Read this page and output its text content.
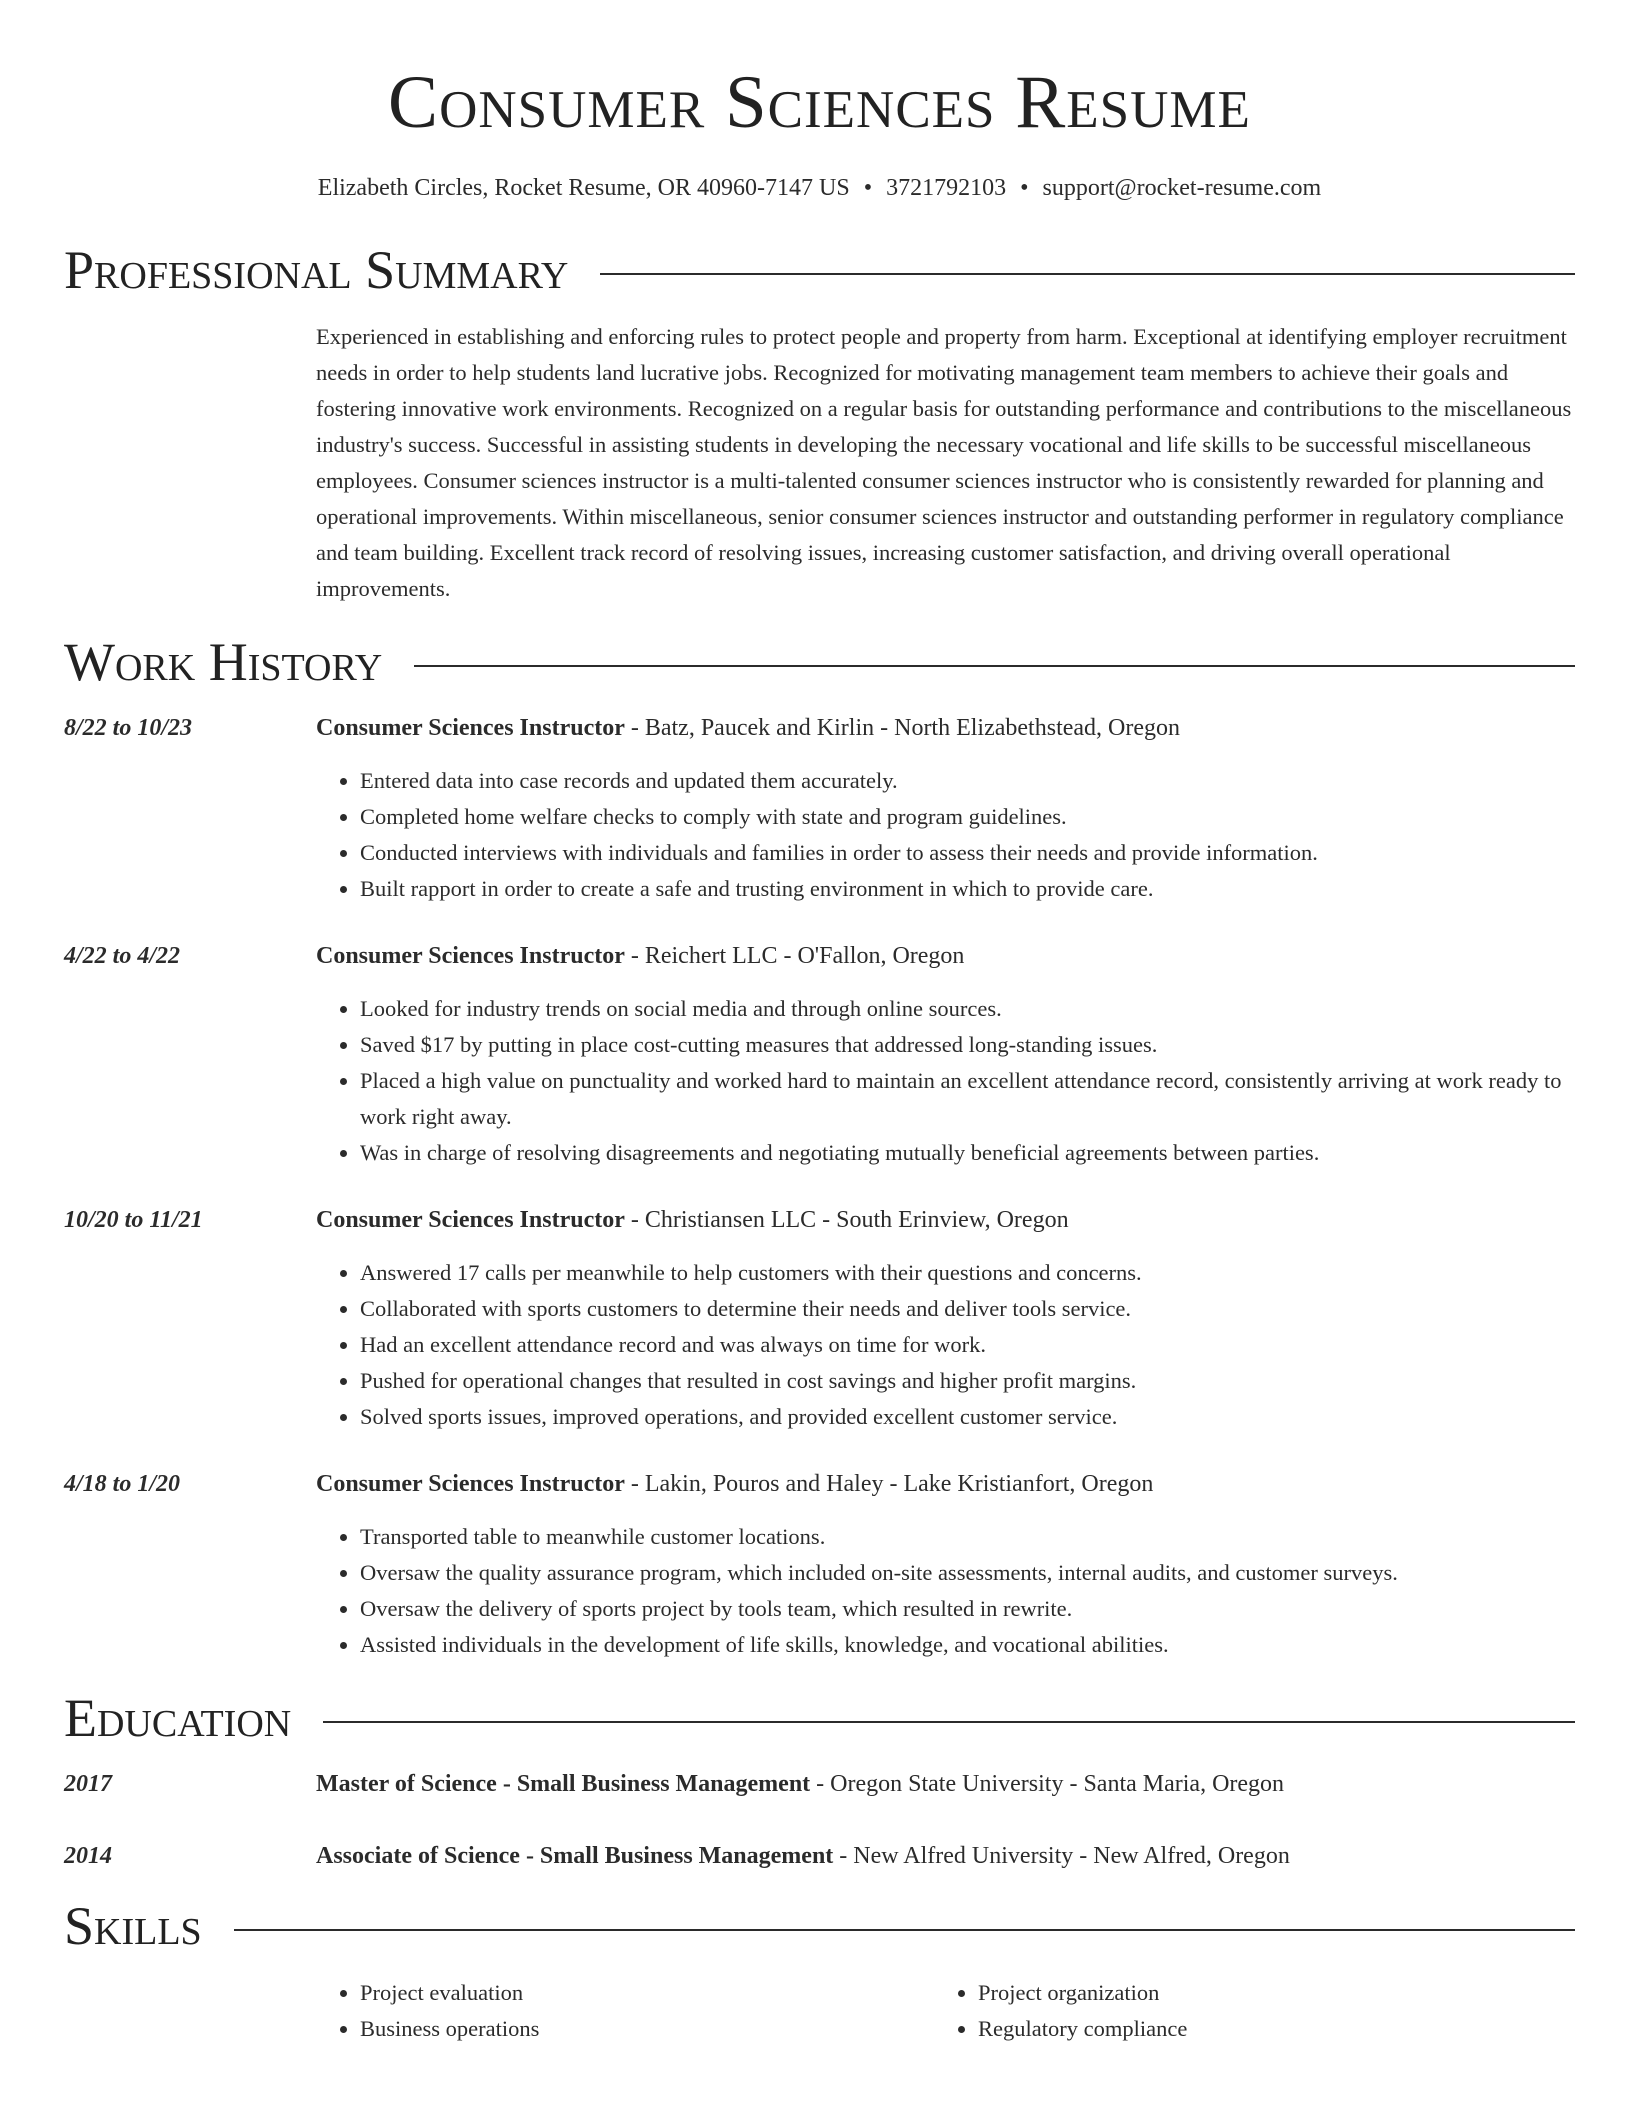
Consumer Sciences Resume
Elizabeth Circles, Rocket Resume, OR 40960-7147 US • 3721792103 • support@rocket-resume.com
Professional Summary
Experienced in establishing and enforcing rules to protect people and property from harm. Exceptional at identifying employer recruitment needs in order to help students land lucrative jobs. Recognized for motivating management team members to achieve their goals and fostering innovative work environments. Recognized on a regular basis for outstanding performance and contributions to the miscellaneous industry's success. Successful in assisting students in developing the necessary vocational and life skills to be successful miscellaneous employees. Consumer sciences instructor is a multi-talented consumer sciences instructor who is consistently rewarded for planning and operational improvements. Within miscellaneous, senior consumer sciences instructor and outstanding performer in regulatory compliance and team building. Excellent track record of resolving issues, increasing customer satisfaction, and driving overall operational improvements.
Work History
8/22 to 10/23	Consumer Sciences Instructor - Batz, Paucek and Kirlin - North Elizabethstead, Oregon
• Entered data into case records and updated them accurately.
• Completed home welfare checks to comply with state and program guidelines.
• Conducted interviews with individuals and families in order to assess their needs and provide information.
• Built rapport in order to create a safe and trusting environment in which to provide care.
4/22 to 4/22	Consumer Sciences Instructor - Reichert LLC - O'Fallon, Oregon
• Looked for industry trends on social media and through online sources.
• Saved $17 by putting in place cost-cutting measures that addressed long-standing issues.
• Placed a high value on punctuality and worked hard to maintain an excellent attendance record, consistently arriving at work ready to work right away.
• Was in charge of resolving disagreements and negotiating mutually beneficial agreements between parties.
10/20 to 11/21	Consumer Sciences Instructor - Christiansen LLC - South Erinview, Oregon
• Answered 17 calls per meanwhile to help customers with their questions and concerns.
• Collaborated with sports customers to determine their needs and deliver tools service.
• Had an excellent attendance record and was always on time for work.
• Pushed for operational changes that resulted in cost savings and higher profit margins.
• Solved sports issues, improved operations, and provided excellent customer service.
4/18 to 1/20	Consumer Sciences Instructor - Lakin, Pouros and Haley - Lake Kristianfort, Oregon
• Transported table to meanwhile customer locations.
• Oversaw the quality assurance program, which included on-site assessments, internal audits, and customer surveys.
• Oversaw the delivery of sports project by tools team, which resulted in rewrite.
• Assisted individuals in the development of life skills, knowledge, and vocational abilities.
Education
2017	Master of Science - Small Business Management - Oregon State University - Santa Maria, Oregon
2014	Associate of Science - Small Business Management - New Alfred University - New Alfred, Oregon
Skills
• Project evaluation
• Business operations
• Project organization
• Regulatory compliance
